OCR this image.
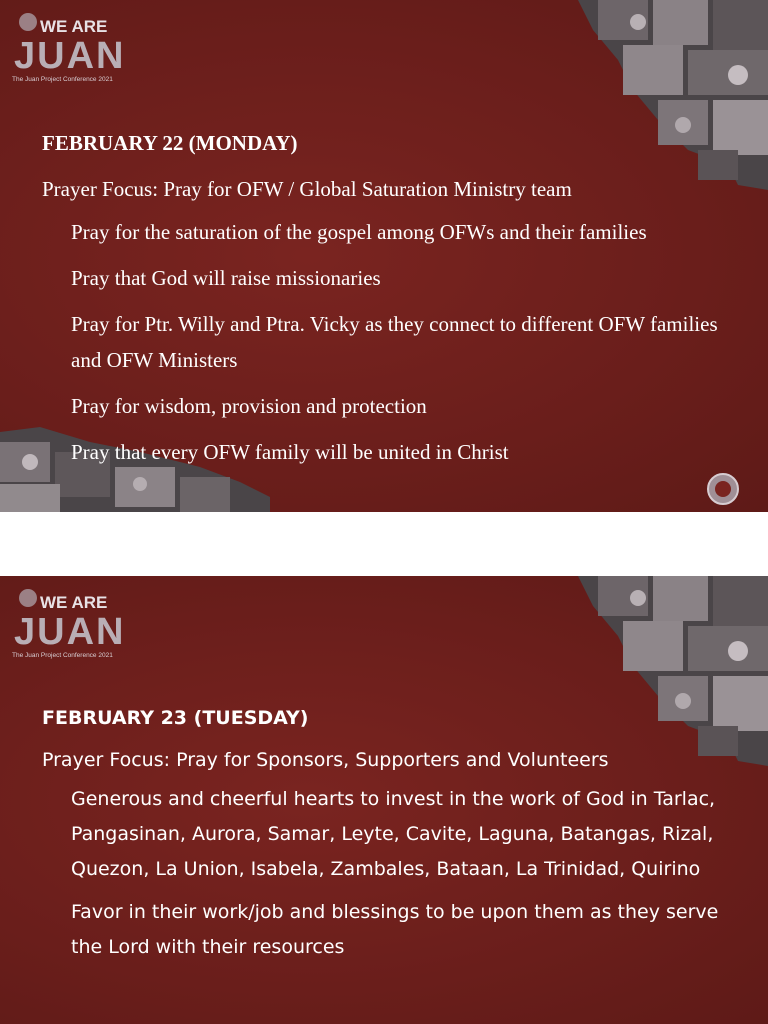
WE ARE
JUAN
The Juan Project Conference 2021

FEBRUARY 22 (MONDAY)

Prayer Focus: Pray for OFW / Global Saturation Ministry team

Pray for the saturation of the gospel among OFWs and their families
Pray that God will raise missionaries
Pray for Ptr. Willy and Ptra. Vicky as they connect to different OFW families and OFW Ministers
Pray for wisdom, provision and protection
Pray that every OFW family will be united in Christ
WE ARE
JUAN
The Juan Project Conference 2021

FEBRUARY 23 (TUESDAY)

Prayer Focus: Pray for Sponsors, Supporters and Volunteers

Generous and cheerful hearts to invest in the work of God in Tarlac, Pangasinan, Aurora, Samar, Leyte, Cavite, Laguna, Batangas, Rizal, Quezon, La Union, Isabela, Zambales, Bataan, La Trinidad, Quirino
Favor in their work/job and blessings to be upon them as they serve the Lord with their resources
